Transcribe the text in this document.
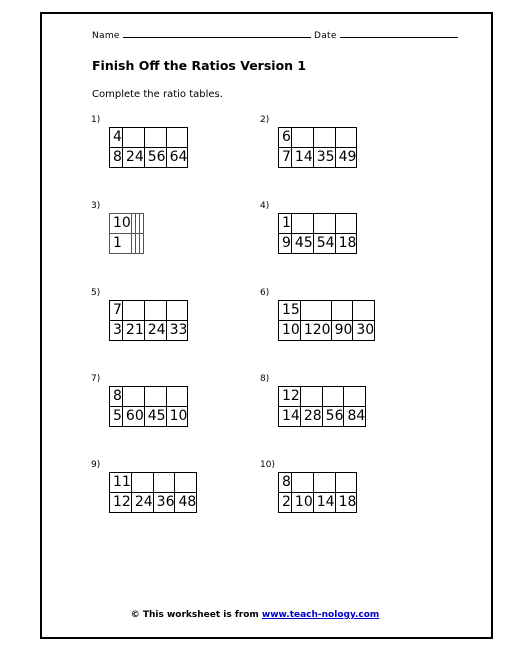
Name	Date
Finish Off the Ratios Version 1
Complete the ratio tables.
1)
4			
8	24	56	64
2)
6			
7	14	35	49
3)
10			
1			
4)
1			
9	45	54	18
5)
7			
3	21	24	33
6)
15			
10	120	90	30
7)
8			
5	60	45	10
8)
12			
14	28	56	84
9)
11			
12	24	36	48
10)
8			
2	10	14	18
© This worksheet is from www.teach-nology.com
